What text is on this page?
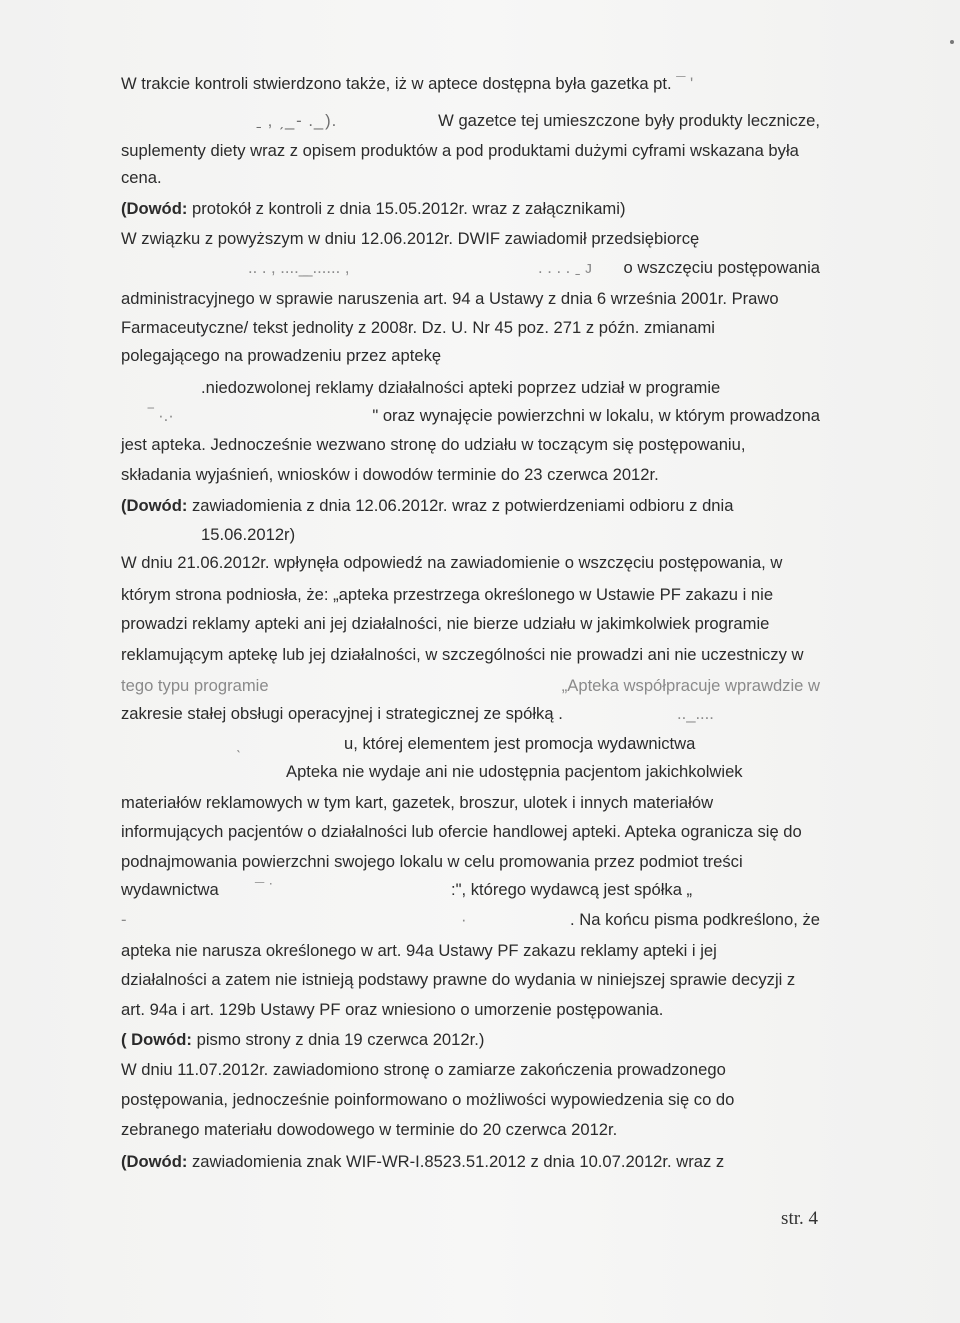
W trakcie kontroli stwierdzono także, iż w aptece dostępna była gazetka pt. ¯ '
ˍ ‚ ˏ ̲ ‐ . ̲ ).	W gazetce tej umieszczone były produkty lecznicze,
suplementy diety wraz z opisem produktów a pod produktami dużymi cyframi wskazana była
cena.
(Dowód: protokół z kontroli z dnia 15.05.2012r. wraz z załącznikami)
W związku z powyższym w dniu 12.06.2012r. DWIF zawiadomił przedsiębiorcę
.. . , .... ̲ ̲ ...... ,	. . . . ˍ ᴊ o wszczęciu postępowania
administracyjnego w sprawie naruszenia art. 94 a Ustawy z dnia 6 września 2001r. Prawo
Farmaceutyczne/ tekst jednolity z 2008r. Dz. U. Nr 45 poz. 271 z późn. zmianami
polegającego na prowadzeniu przez aptekę
.niedozwolonej reklamy działalności apteki poprzez udział w programie
‾ ·.·	" oraz wynajęcie powierzchni w lokalu, w którym prowadzona
jest apteka. Jednocześnie wezwano stronę do udziału w toczącym się postępowaniu,
składania wyjaśnień, wniosków i dowodów terminie do 23 czerwca 2012r.
(Dowód: zawiadomienia z dnia 12.06.2012r. wraz z potwierdzeniami odbioru z dnia
15.06.2012r)
W dniu 21.06.2012r. wpłynęła odpowiedź na zawiadomienie o wszczęciu postępowania, w
którym strona podniosła, że: „apteka przestrzega określonego w Ustawie PF zakazu i nie
prowadzi reklamy apteki ani jej działalności, nie bierze udziału w jakimkolwiek programie
reklamującym aptekę lub jej działalności, w szczególności nie prowadzi ani nie uczestniczy w
tego typu programie	„Apteka współpracuje wprawdzie w
zakresie stałej obsługi operacyjnej i strategicznej ze spółką .	.. ̲ ....
ˎ	u, której elementem jest promocja wydawnictwa
Apteka nie wydaje ani nie udostępnia pacjentom jakichkolwiek
materiałów reklamowych w tym kart, gazetek, broszur, ulotek i innych materiałów
informujących pacjentów o działalności lub ofercie handlowej apteki. Apteka ogranicza się do
podnajmowania powierzchni swojego lokalu w celu promowania przez podmiot treści
wydawnictwa ¯ ˙	:", którego wydawcą jest spółka „
-	·	. Na końcu pisma podkreślono, że
apteka nie narusza określonego w art. 94a Ustawy PF zakazu reklamy apteki i jej
działalności a zatem nie istnieją podstawy prawne do wydania w niniejszej sprawie decyzji z
art. 94a i art. 129b Ustawy PF oraz wniesiono o umorzenie postępowania.
( Dowód: pismo strony z dnia 19 czerwca 2012r.)
W dniu 11.07.2012r. zawiadomiono stronę o zamiarze zakończenia prowadzonego
postępowania, jednocześnie poinformowano o możliwości wypowiedzenia się co do
zebranego materiału dowodowego w terminie do 20 czerwca 2012r.
(Dowód: zawiadomienia znak WIF-WR-I.8523.51.2012 z dnia 10.07.2012r. wraz z
str. 4
